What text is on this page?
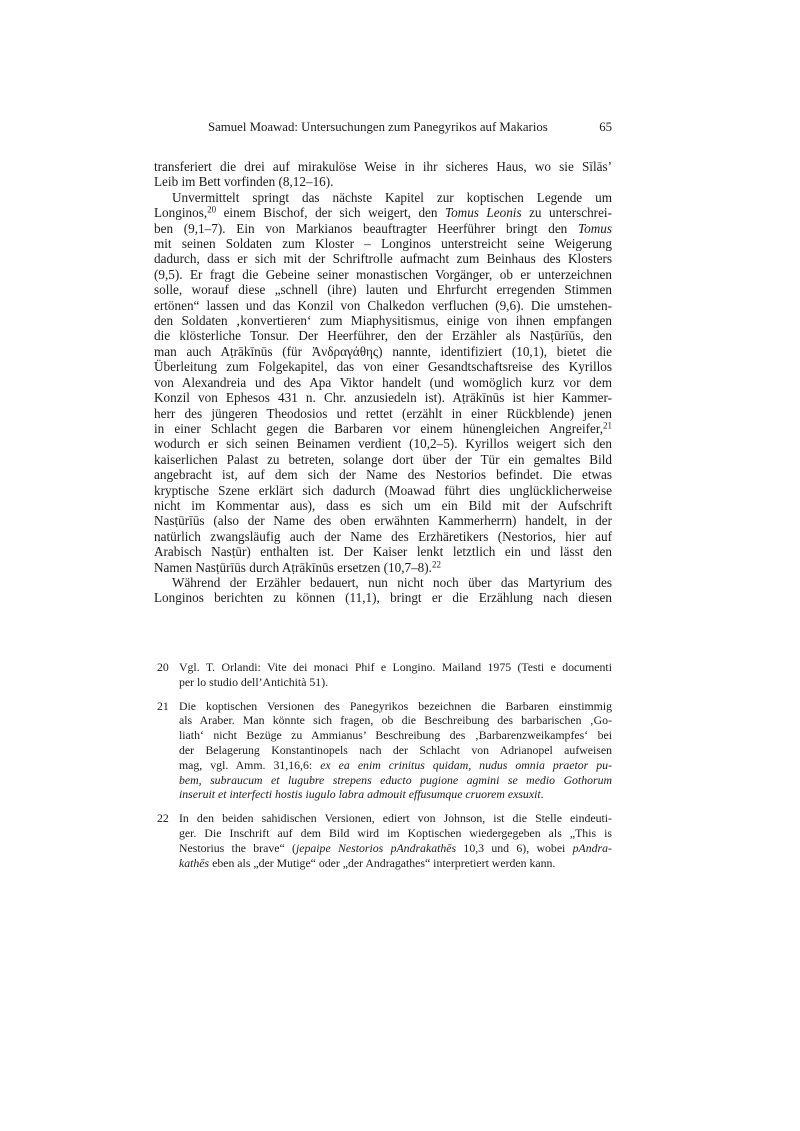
Samuel Moawad: Untersuchungen zum Panegyrikos auf Makarios	65
transferiert die drei auf mirakulöse Weise in ihr sicheres Haus, wo sie Sīlās’
Leib im Bett vorfinden (8,12–16).
Unvermittelt springt das nächste Kapitel zur koptischen Legende um
Longinos,$^{20}$ einem Bischof, der sich weigert, den Tomus Leonis zu unterschrei-
ben (9,1–7). Ein von Markianos beauftragter Heerführer bringt den Tomus
mit seinen Soldaten zum Kloster – Longinos unterstreicht seine Weigerung
dadurch, dass er sich mit der Schriftrolle aufmacht zum Beinhaus des Klosters
(9,5). Er fragt die Gebeine seiner monastischen Vorgänger, ob er unterzeichnen
solle, worauf diese „schnell (ihre) lauten und Ehrfurcht erregenden Stimmen
ertönen“ lassen und das Konzil von Chalkedon verfluchen (9,6). Die umstehen-
den Soldaten ‚konvertieren‘ zum Miaphysitismus, einige von ihnen empfangen
die klösterliche Tonsur. Der Heerführer, den der Erzähler als Nasṭūrīūs, den
man auch Aṭrākīnūs (für Ἀνδραγάθης) nannte, identifiziert (10,1), bietet die
Überleitung zum Folgekapitel, das von einer Gesandtschaftsreise des Kyrillos
von Alexandreia und des Apa Viktor handelt (und womöglich kurz vor dem
Konzil von Ephesos 431 n. Chr. anzusiedeln ist). Aṭrākīnūs ist hier Kammer-
herr des jüngeren Theodosios und rettet (erzählt in einer Rückblende) jenen
in einer Schlacht gegen die Barbaren vor einem hünengleichen Angreifer,$^{21}$
wodurch er sich seinen Beinamen verdient (10,2–5). Kyrillos weigert sich den
kaiserlichen Palast zu betreten, solange dort über der Tür ein gemaltes Bild
angebracht ist, auf dem sich der Name des Nestorios befindet. Die etwas
kryptische Szene erklärt sich dadurch (Moawad führt dies unglücklicherweise
nicht im Kommentar aus), dass es sich um ein Bild mit der Aufschrift
Nasṭūrīūs (also der Name des oben erwähnten Kammerherrn) handelt, in der
natürlich zwangsläufig auch der Name des Erzhäretikers (Nestorios, hier auf
Arabisch Nasṭūr) enthalten ist. Der Kaiser lenkt letztlich ein und lässt den
Namen Nasṭūrīūs durch Aṭrākīnūs ersetzen (10,7–8).$^{22}$
Während der Erzähler bedauert, nun nicht noch über das Martyrium des
Longinos berichten zu können (11,1), bringt er die Erzählung nach diesen
20 Vgl. T. Orlandi: Vite dei monaci Phif e Longino. Mailand 1975 (Testi e documenti
per lo studio dell’Antichità 51).
21 Die koptischen Versionen des Panegyrikos bezeichnen die Barbaren einstimmig
als Araber. Man könnte sich fragen, ob die Beschreibung des barbarischen ‚Go-
liath‘ nicht Bezüge zu Ammianus’ Beschreibung des ‚Barbarenzweikampfes‘ bei
der Belagerung Konstantinopels nach der Schlacht von Adrianopel aufweisen
mag, vgl. Amm. 31,16,6: ex ea enim crinitus quidam, nudus omnia praetor pu-
bem, subraucum et lugubre strepens educto pugione agmini se medio Gothorum
inseruit et interfecti hostis iugulo labra admouit effusumque cruorem exsuxit.
22 In den beiden sahidischen Versionen, ediert von Johnson, ist die Stelle eindeuti-
ger. Die Inschrift auf dem Bild wird im Koptischen wiedergegeben als „This is
Nestorius the brave“ (jepaipe Nestorios pAndrakathēs 10,3 und 6), wobei pAndra-
kathēs eben als „der Mutige“ oder „der Andragathes“ interpretiert werden kann.
